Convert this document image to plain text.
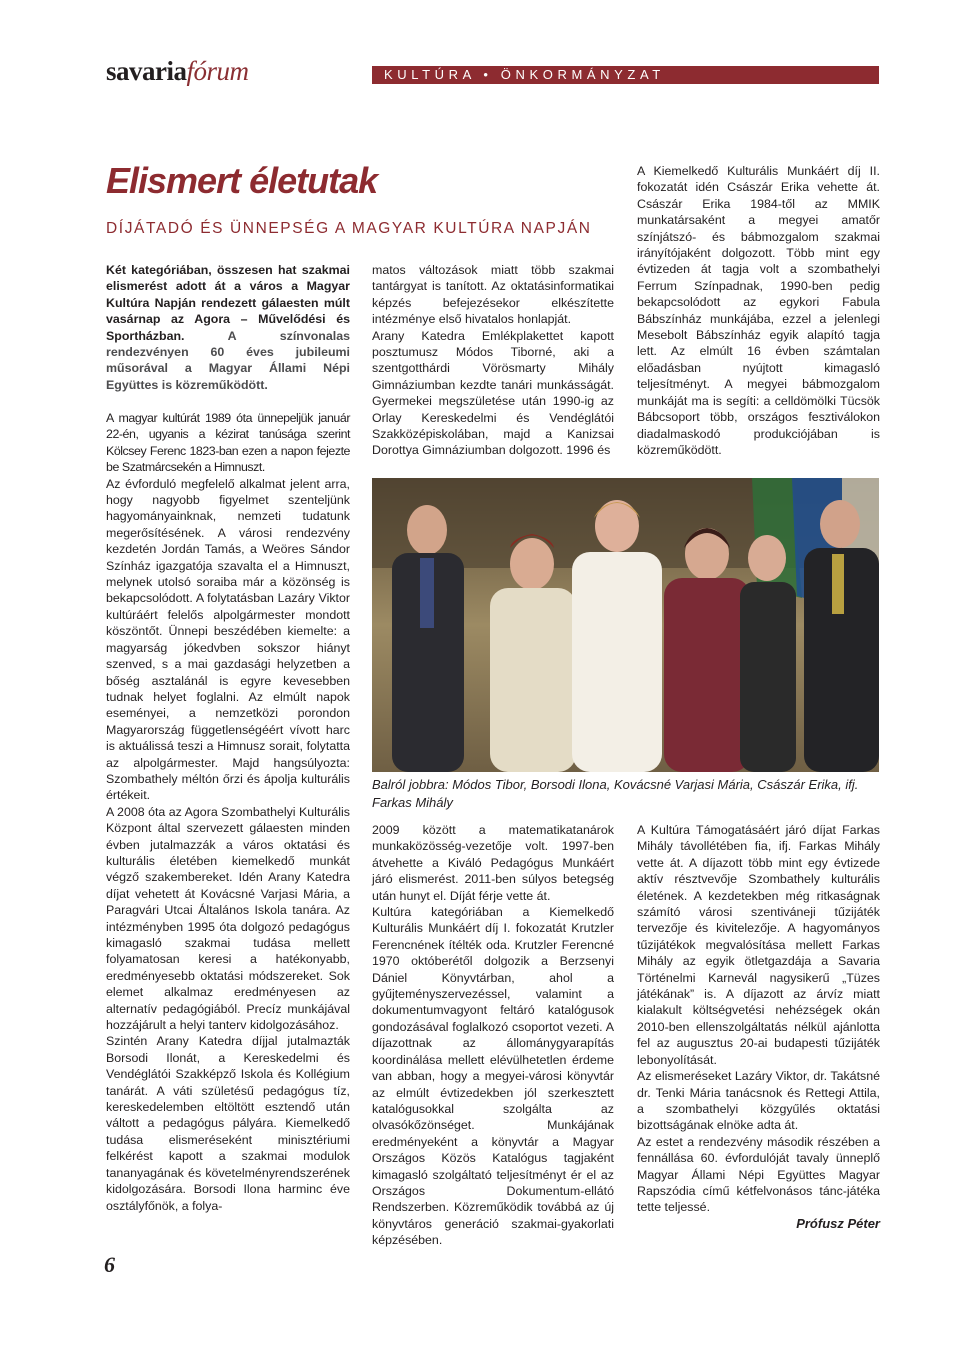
savariafórum	KULTÚRA • ÖNKORMÁNYZAT
Elismert életutak
DÍJÁTADÓ ÉS ÜNNEPSÉG A MAGYAR KULTÚRA NAPJÁN
Két kategóriában, összesen hat szakmai elismerést adott át a város a Magyar Kultúra Napján rendezett gálaesten múlt vasárnap az Agora – Művelődési és Sportházban.	A színvonalas rendezvényen 60 éves jubileumi műsorával a Magyar Állami Népi Együttes is közreműködött.

A magyar kultúrát 1989 óta ünnepeljük január 22-én, ugyanis a kézirat tanúsága szerint Kölcsey Ferenc 1823-ban ezen a napon fejezte be Szatmárcsekén a Himnuszt.

Az évforduló megfelelő alkalmat jelent arra, hogy nagyobb figyelmet szenteljünk hagyományainknak, nemzeti tudatunk megerősítésének. A városi rendezvény kezdetén Jordán Tamás, a Weöres Sándor Színház igazgatója szavalta el a Himnuszt, melynek utolsó soraiba már a közönség is bekapcsolódott. A folytatásban Lazáry Viktor kultúráért felelős alpolgármester mondott köszöntőt. Ünnepi beszédében kiemelte: a magyarság jókedvben sokszor hiányt szenved, s a mai gazdasági helyzetben a bőség asztalánál is egyre kevesebben tudnak helyet foglalni. Az elmúlt napok eseményei, a nemzetközi porondon Magyarország függetlenségéért vívott harc is aktuálissá teszi a Himnusz sorait, folytatta az alpolgármester. Majd hangsúlyozta: Szombathely méltón őrzi és ápolja kulturális értékeit.

A 2008 óta az Agora Szombathelyi Kulturális Központ által szervezett gálaesten minden évben jutalmazzák a város oktatási és kulturális életében kiemelkedő munkát végző szakembereket. Idén Arany Katedra díjat vehetett át Kovácsné Varjasi Mária, a Paragvári Utcai Általános Iskola tanára. Az intézményben 1995 óta dolgozó pedagógus kimagasló szakmai tudása mellett folyamatosan keresi a hatékonyabb, eredményesebb oktatási módszereket. Sok elemet alkalmaz eredményesen az alternatív pedagógiából. Precíz munkájával hozzájárult a helyi tanterv kidolgozásához.

Szintén Arany Katedra díjjal jutalmazták Borsodi Ilonát, a Kereskedelmi és Vendéglátói Szakképző Iskola és Kollégium tanárát. A váti születésű pedagógus tíz, kereskedelemben eltöltött esztendő után váltott a pedagógus pályára. Kiemelkedő tudása elismeréseként minisztériumi felkérést kapott a szakmai modulok tananyagának és követelményrendszerének kidolgozására. Borsodi Ilona harminc éve osztályfőnök, a folya-

matos változások miatt több szakmai tantárgyat is tanított. Az oktatásinformatikai képzés befejezésekor elkészítette intézménye első hivatalos honlapját.

Arany Katedra Emlékplakettet kapott posztumusz Módos Tiborné, aki a szentgotthárdi Vörösmarty Mihály Gimnáziumban kezdte tanári munkásságát. Gyermekei megszületése után 1990-ig az Orlay Kereskedelmi és Vendéglátói Szakközépiskolában, majd a Kanizsai Dorottya Gimnáziumban dolgozott. 1996 és

A Kiemelkedő Kulturális Munkáért díj II. fokozatát idén Császár Erika vehette át. Császár Erika 1984-től az MMIK munkatársaként a megyei amatőr színjátszó- és bábmozgalom szakmai irányítójaként dolgozott. Több mint egy évtizeden át tagja volt a szombathelyi Ferrum Színpadnak, 1990-ben pedig bekapcsolódott az egykori Fabula Bábszínház munkájába, ezzel a jelenlegi Mesebolt Bábszínház egyik alapító tagja lett. Az elmúlt 16 évben számtalan előadásban nyújtott kimagasló teljesítményt. A megyei bábmozgalom munkáját ma is segíti: a celldömölki Tücsök Bábcsoport több, országos fesztiválokon diadalmaskodó produkciójában is közreműködött.

Balról jobbra: Módos Tibor, Borsodi Ilona, Kovácsné Varjasi Mária, Császár Erika, ifj. Farkas Mihály

2009 között a matematikatanárok munkaközösség-vezetője volt. 1997-ben átvehette a Kiváló Pedagógus Munkáért járó elismerést. 2011-ben súlyos betegség után hunyt el. Díját férje vette át.

Kultúra kategóriában a Kiemelkedő Kulturális Munkáért díj I. fokozatát Krutzler Ferencnének ítélték oda. Krutzler Ferencné 1970 októberétől dolgozik a Berzsenyi Dániel Könyvtárban, ahol a gyűjteményszervezéssel, valamint a dokumentumvagyont feltáró katalógusok gondozásával foglalkozó csoportot vezeti. A díjazottnak az állománygyarapítás koordinálása mellett elévülhetetlen érdeme van abban, hogy a megyei-városi könyvtár az elmúlt évtizedekben jól szerkesztett katalógusokkal szolgálta az olvasókőzönséget. Munkájának eredményeként a könyvtár a Magyar Országos Közös Katalógus tagjaként kimagasló szolgáltató teljesítményt ér el az Országos Dokumentum-ellátó Rendszerben. Közreműködik továbbá az új könyvtáros generáció szakmai-gyakorlati képzésében.

A Kultúra Támogatásáért járó díjat Farkas Mihály távollétében fia, ifj. Farkas Mihály vette át. A díjazott több mint egy évtizede aktív résztvevője Szombathely kulturális életének. A kezdetekben még ritkaságnak számító városi szentiváneji tűzijáték tervezője és kivitelezője. A hagyományos tűzijátékok megvalósítása mellett Farkas Mihály az egyik ötletgazdája a Savaria Történelmi Karnevál nagysikerű „Tüzes játékának” is. A díjazott az árvíz miatt kialakult költségvetési nehézségek okán 2010-ben ellenszolgáltatás nélkül ajánlotta fel az augusztus 20-ai budapesti tűzijáték lebonyolítását.

Az elismeréseket Lazáry Viktor, dr. Takátsné dr. Tenki Mária tanácsnok és Rettegi Attila, a szombathelyi közgyűlés oktatási bizottságának elnöke adta át.

Az estet a rendezvény második részében a fennállása 60. évfordulóját tavaly ünneplő Magyar Állami Népi Együttes Magyar Rapszódia című kétfelvonásos tánc-játéka tette teljessé.

Prófusz Péter
6
